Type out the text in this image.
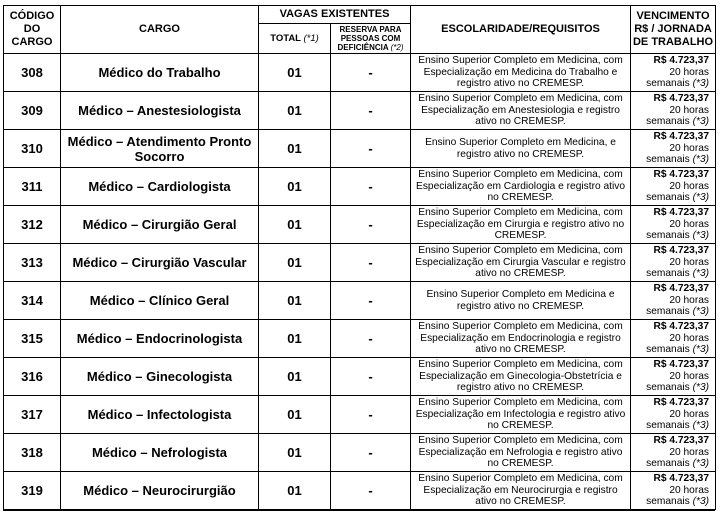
CÓDIGO DO CARGO	CARGO	VAGAS EXISTENTES		ESCOLARIDADE/REQUISITOS	VENCIMENTO R$ / JORNADA DE TRABALHO
		TOTAL (*1)	RESERVA PARA PESSOAS COM DEFICIÊNCIA (*2)		
308	Médico do Trabalho	01	-	Ensino Superior Completo em Medicina, com Especialização em Medicina do Trabalho e registro ativo no CREMESP.	R$ 4.723,37
20 horas
semanais (*3)

309	Médico – Anestesiologista	01	-	Ensino Superior Completo em Medicina, com Especialização em Anestesiologia e registro ativo no CREMESP.	R$ 4.723,37
20 horas
semanais (*3)

310	Médico – Atendimento Pronto Socorro	01	-	Ensino Superior Completo em Medicina, e registro ativo no CREMESP.	R$ 4.723,37
20 horas
semanais (*3)

311	Médico – Cardiologista	01	-	Ensino Superior Completo em Medicina, com Especialização em Cardiologia e registro ativo no CREMESP.	R$ 4.723,37
20 horas
semanais (*3)

312	Médico – Cirurgião Geral	01	-	Ensino Superior Completo em Medicina, com Especialização em Cirurgia e registro ativo no CREMESP.	R$ 4.723,37
20 horas
semanais (*3)

313	Médico – Cirurgião Vascular	01	-	Ensino Superior Completo em Medicina, com Especialização em Cirurgia Vascular e registro ativo no CREMESP.	R$ 4.723,37
20 horas
semanais (*3)

314	Médico – Clínico Geral	01	-	Ensino Superior Completo em Medicina e registro ativo no CREMESP.	R$ 4.723,37
20 horas
semanais (*3)

315	Médico – Endocrinologista	01	-	Ensino Superior Completo em Medicina, com Especialização em Endocrinologia e registro ativo no CREMESP.	R$ 4.723,37
20 horas
semanais (*3)

316	Médico – Ginecologista	01	-	Ensino Superior Completo em Medicina, com Especialização em Ginecologia-Obstetrícia e registro ativo no CREMESP.	R$ 4.723,37
20 horas
semanais (*3)

317	Médico – Infectologista	01	-	Ensino Superior Completo em Medicina, com Especialização em Infectologia e registro ativo no CREMESP.	R$ 4.723,37
20 horas
semanais (*3)

318	Médico – Nefrologista	01	-	Ensino Superior Completo em Medicina, com Especialização em Nefrologia e registro ativo no CREMESP.	R$ 4.723,37
20 horas
semanais (*3)

319	Médico – Neurocirurgião	01	-	Ensino Superior Completo em Medicina, com Especialização em Neurocirurgia e registro ativo no CREMESP.	R$ 4.723,37
20 horas
semanais (*3)
